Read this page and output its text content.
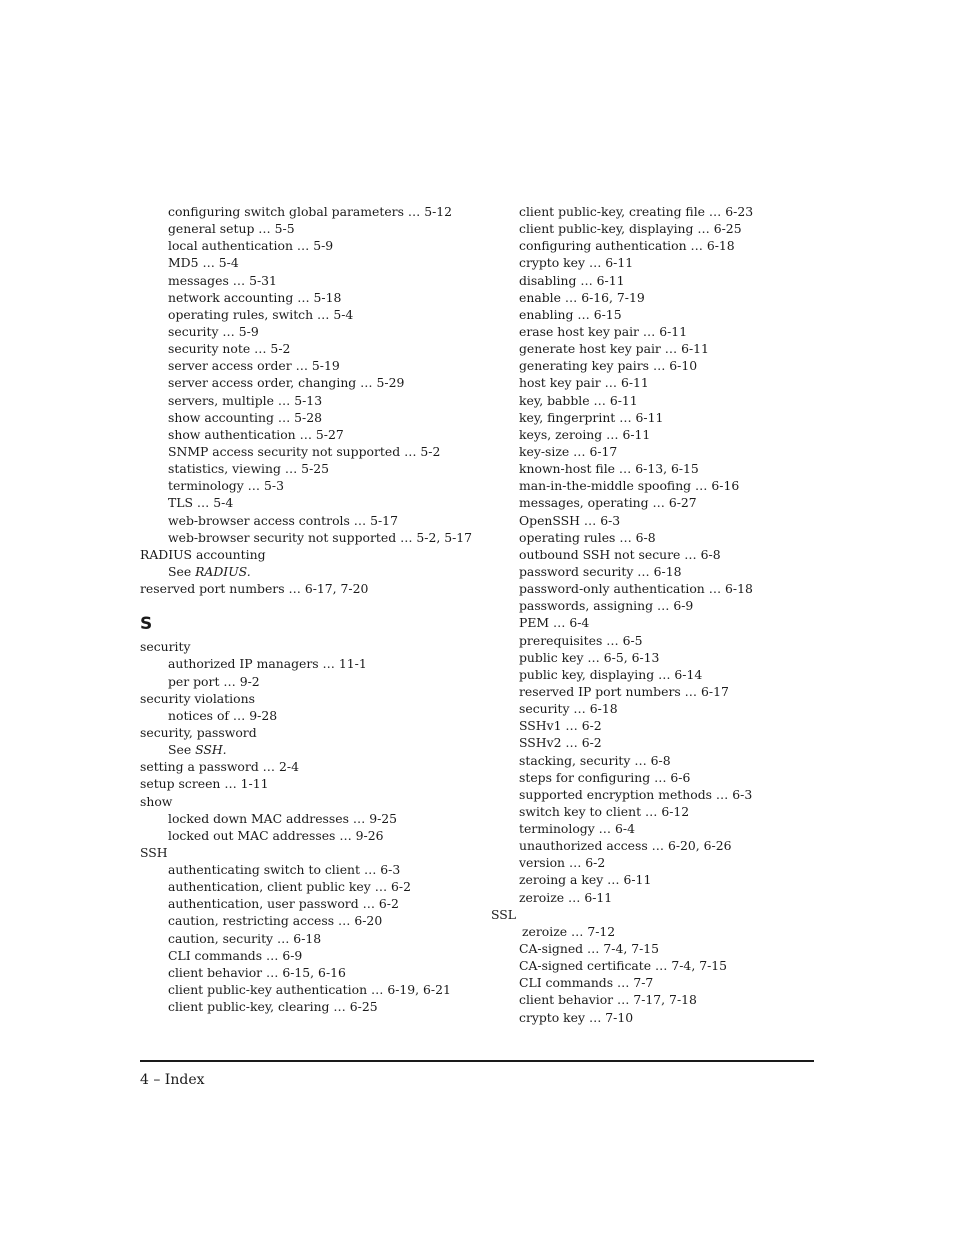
configuring switch global parameters … 5-12
general setup … 5-5
local authentication … 5-9
MD5 … 5-4
messages … 5-31
network accounting … 5-18
operating rules, switch … 5-4
security … 5-9
security note … 5-2
server access order … 5-19
server access order, changing … 5-29
servers, multiple … 5-13
show accounting … 5-28
show authentication … 5-27
SNMP access security not supported … 5-2
statistics, viewing … 5-25
terminology … 5-3
TLS … 5-4
web-browser access controls … 5-17
web-browser security not supported … 5-2, 5-17
RADIUS accounting
See RADIUS.
reserved port numbers … 6-17, 7-20
S
security
authorized IP managers … 11-1
per port … 9-2
security violations
notices of … 9-28
security, password
See SSH.
setting a password … 2-4
setup screen … 1-11
show
locked down MAC addresses … 9-25
locked out MAC addresses … 9-26
SSH
authenticating switch to client … 6-3
authentication, client public key … 6-2
authentication, user password … 6-2
caution, restricting access … 6-20
caution, security … 6-18
CLI commands … 6-9
client behavior … 6-15, 6-16
client public-key authentication … 6-19, 6-21
client public-key, clearing … 6-25
client public-key, creating file … 6-23
client public-key, displaying … 6-25
configuring authentication … 6-18
crypto key … 6-11
disabling … 6-11
enable … 6-16, 7-19
enabling … 6-15
erase host key pair … 6-11
generate host key pair … 6-11
generating key pairs … 6-10
host key pair … 6-11
key, babble … 6-11
key, fingerprint … 6-11
keys, zeroing … 6-11
key-size … 6-17
known-host file … 6-13, 6-15
man-in-the-middle spoofing … 6-16
messages, operating … 6-27
OpenSSH … 6-3
operating rules … 6-8
outbound SSH not secure … 6-8
password security … 6-18
password-only authentication … 6-18
passwords, assigning … 6-9
PEM … 6-4
prerequisites … 6-5
public key … 6-5, 6-13
public key, displaying … 6-14
reserved IP port numbers … 6-17
security … 6-18
SSHv1 … 6-2
SSHv2 … 6-2
stacking, security … 6-8
steps for configuring … 6-6
supported encryption methods … 6-3
switch key to client … 6-12
terminology … 6-4
unauthorized access … 6-20, 6-26
version … 6-2
zeroing a key … 6-11
zeroize … 6-11
SSL
zeroize … 7-12
CA-signed … 7-4, 7-15
CA-signed certificate … 7-4, 7-15
CLI commands … 7-7
client behavior … 7-17, 7-18
crypto key … 7-10
4 – Index
